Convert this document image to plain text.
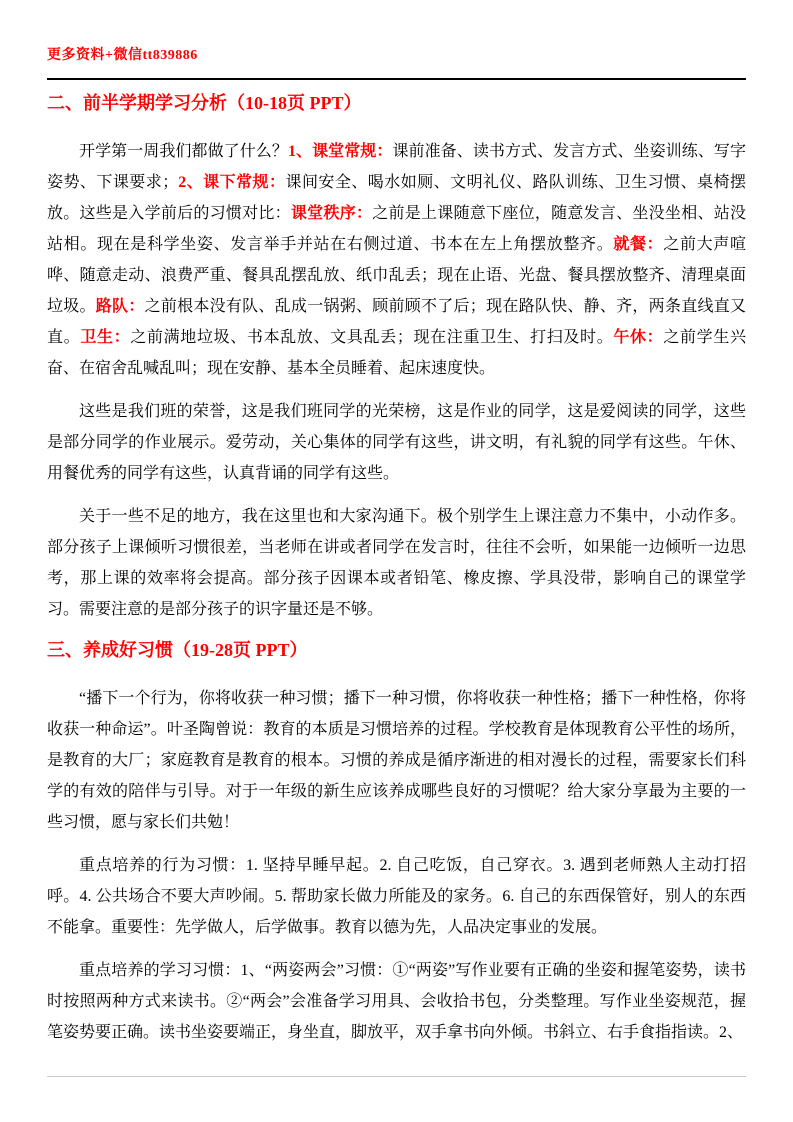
更多资料+微信tt839886
二、前半学期学习分析（10-18页 PPT）

开学第一周我们都做了什么？1、课堂常规：课前准备、读书方式、发言方式、坐姿训练、写字姿势、下课要求；2、课下常规：课间安全、喝水如厕、文明礼仪、路队训练、卫生习惯、桌椅摆放。这些是入学前后的习惯对比：课堂秩序：之前是上课随意下座位，随意发言、坐没坐相、站没站相。现在是科学坐姿、发言举手并站在右侧过道、书本在左上角摆放整齐。就餐：之前大声喧哗、随意走动、浪费严重、餐具乱摆乱放、纸巾乱丢；现在止语、光盘、餐具摆放整齐、清理桌面垃圾。路队：之前根本没有队、乱成一锅粥、顾前顾不了后；现在路队快、静、齐，两条直线直又直。卫生：之前满地垃圾、书本乱放、文具乱丢；现在注重卫生、打扫及时。午休：之前学生兴奋、在宿舍乱喊乱叫；现在安静、基本全员睡着、起床速度快。

这些是我们班的荣誉，这是我们班同学的光荣榜，这是作业的同学，这是爱阅读的同学，这些是部分同学的作业展示。爱劳动，关心集体的同学有这些，讲文明，有礼貌的同学有这些。午休、用餐优秀的同学有这些，认真背诵的同学有这些。

关于一些不足的地方，我在这里也和大家沟通下。极个别学生上课注意力不集中，小动作多。部分孩子上课倾听习惯很差，当老师在讲或者同学在发言时，往往不会听，如果能一边倾听一边思考，那上课的效率将会提高。部分孩子因课本或者铅笔、橡皮擦、学具没带，影响自己的课堂学习。需要注意的是部分孩子的识字量还是不够。

三、养成好习惯（19-28页 PPT）

“播下一个行为，你将收获一种习惯；播下一种习惯，你将收获一种性格；播下一种性格，你将收获一种命运”。叶圣陶曾说：教育的本质是习惯培养的过程。学校教育是体现教育公平性的场所，是教育的大厂；家庭教育是教育的根本。习惯的养成是循序渐进的相对漫长的过程，需要家长们科学的有效的陪伴与引导。对于一年级的新生应该养成哪些良好的习惯呢？给大家分享最为主要的一些习惯，愿与家长们共勉！

重点培养的行为习惯：1. 坚持早睡早起。2. 自己吃饭，自己穿衣。3. 遇到老师熟人主动打招呼。4. 公共场合不要大声吵闹。5. 帮助家长做力所能及的家务。6. 自己的东西保管好，别人的东西不能拿。重要性：先学做人，后学做事。教育以德为先，人品决定事业的发展。

重点培养的学习习惯：1、“两姿两会”习惯：①“两姿”写作业要有正确的坐姿和握笔姿势，读书时按照两种方式来读书。②“两会”会准备学习用具、会收拾书包，分类整理。写作业坐姿规范，握笔姿势要正确。读书坐姿要端正，身坐直，脚放平，双手拿书向外倾。书斜立、右手食指指读。2、
